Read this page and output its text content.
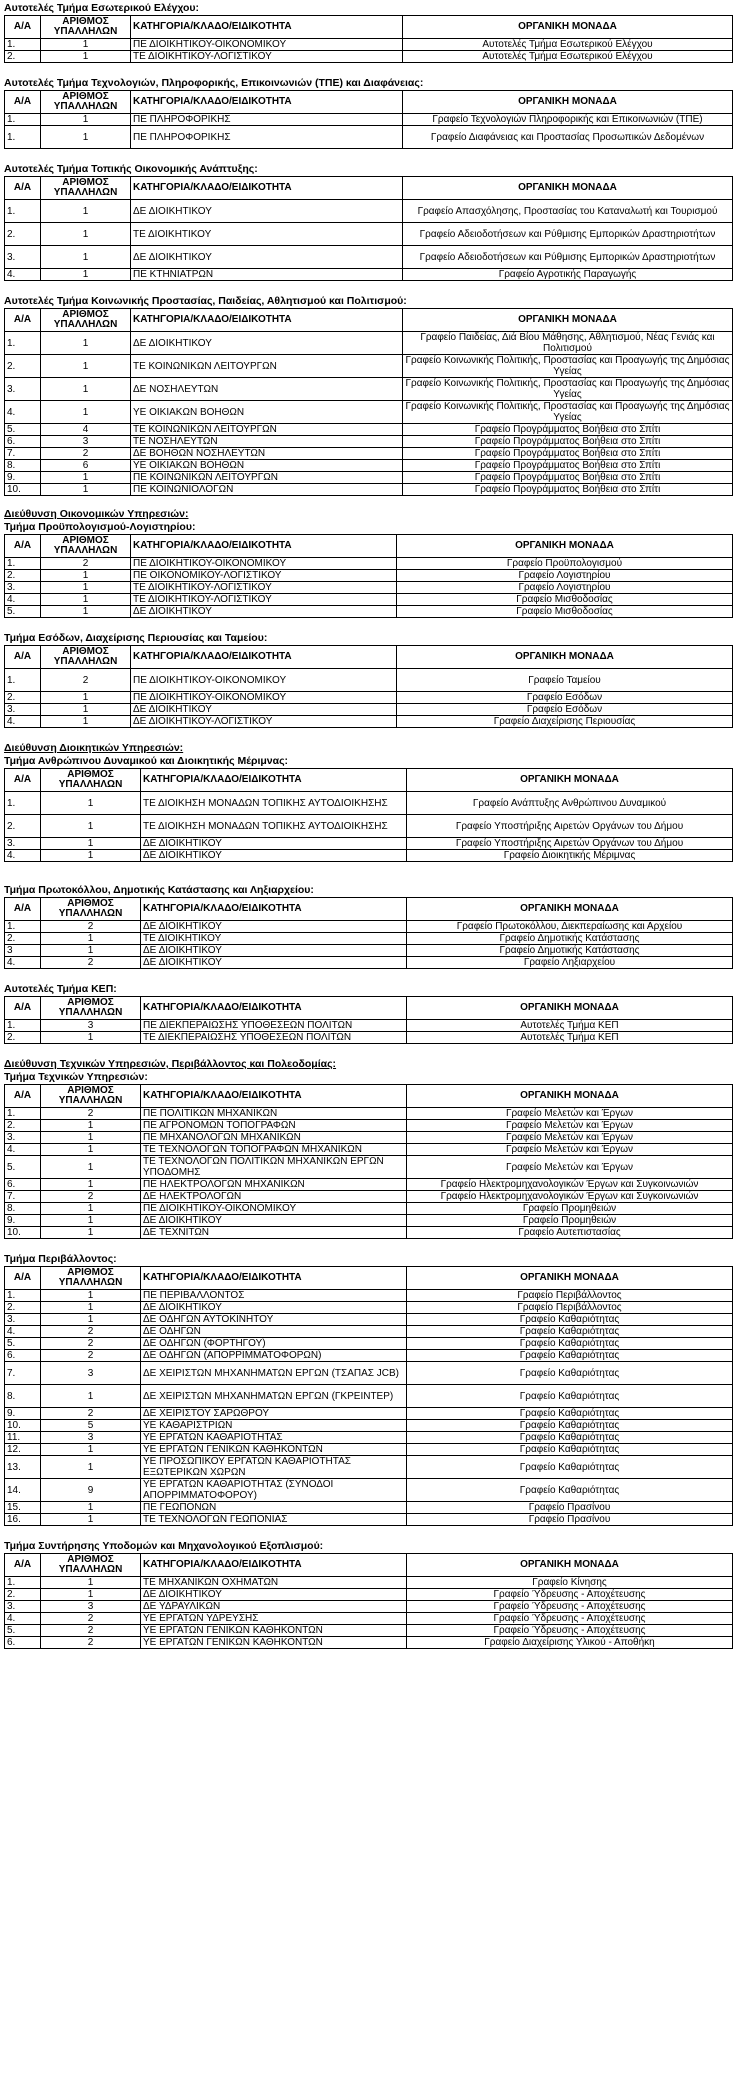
Αυτοτελές Τμήμα Εσωτερικού Ελέγχου:
Α/Α	ΑΡΙΘΜΟΣ ΥΠΑΛΛΗΛΩΝ	ΚΑΤΗΓΟΡΙΑ/ΚΛΑΔΟ/ΕΙΔΙΚΟΤΗΤΑ	ΟΡΓΑΝΙΚΗ ΜΟΝΑΔΑ
1.	1	ΠΕ ΔΙΟΙΚΗΤΙΚΟΥ-ΟΙΚΟΝΟΜΙΚΟΥ	Αυτοτελές Τμήμα Εσωτερικού Ελέγχου
2.	1	ΤΕ ΔΙΟΙΚΗΤΙΚΟΥ-ΛΟΓΙΣΤΙΚΟΥ	Αυτοτελές Τμήμα Εσωτερικού Ελέγχου
Αυτοτελές Τμήμα Τεχνολογιών, Πληροφορικής, Επικοινωνιών (ΤΠΕ) και Διαφάνειας:
Α/Α	ΑΡΙΘΜΟΣ ΥΠΑΛΛΗΛΩΝ	ΚΑΤΗΓΟΡΙΑ/ΚΛΑΔΟ/ΕΙΔΙΚΟΤΗΤΑ	ΟΡΓΑΝΙΚΗ ΜΟΝΑΔΑ
1.	1	ΠΕ ΠΛΗΡΟΦΟΡΙΚΗΣ	Γραφείο Τεχνολογιών Πληροφορικής και Επικοινωνιών (ΤΠΕ)
1.	1	ΠΕ ΠΛΗΡΟΦΟΡΙΚΗΣ	Γραφείο Διαφάνειας και Προστασίας Προσωπικών Δεδομένων
Αυτοτελές Τμήμα Τοπικής Οικονομικής Ανάπτυξης:
Α/Α	ΑΡΙΘΜΟΣ ΥΠΑΛΛΗΛΩΝ	ΚΑΤΗΓΟΡΙΑ/ΚΛΑΔΟ/ΕΙΔΙΚΟΤΗΤΑ	ΟΡΓΑΝΙΚΗ ΜΟΝΑΔΑ
1.	1	ΔΕ ΔΙΟΙΚΗΤΙΚΟΥ	Γραφείο Απασχόλησης, Προστασίας του Καταναλωτή και Τουρισμού
2.	1	ΤΕ ΔΙΟΙΚΗΤΙΚΟΥ	Γραφείο Αδειοδοτήσεων και Ρύθμισης Εμπορικών Δραστηριοτήτων
3.	1	ΔΕ ΔΙΟΙΚΗΤΙΚΟΥ	Γραφείο Αδειοδοτήσεων και Ρύθμισης Εμπορικών Δραστηριοτήτων
4.	1	ΠΕ ΚΤΗΝΙΑΤΡΩΝ	Γραφείο Αγροτικής Παραγωγής
Αυτοτελές Τμήμα Κοινωνικής Προστασίας, Παιδείας, Αθλητισμού και Πολιτισμού:
Α/Α	ΑΡΙΘΜΟΣ ΥΠΑΛΛΗΛΩΝ	ΚΑΤΗΓΟΡΙΑ/ΚΛΑΔΟ/ΕΙΔΙΚΟΤΗΤΑ	ΟΡΓΑΝΙΚΗ ΜΟΝΑΔΑ
1.	1	ΔΕ ΔΙΟΙΚΗΤΙΚΟΥ	Γραφείο Παιδείας, Διά Βίου Μάθησης, Αθλητισμού, Νέας Γενιάς και Πολιτισμού
2.	1	ΤΕ ΚΟΙΝΩΝΙΚΩΝ ΛΕΙΤΟΥΡΓΩΝ	Γραφείο Κοινωνικής Πολιτικής, Προστασίας και Προαγωγής της Δημόσιας Υγείας
3.	1	ΔΕ ΝΟΣΗΛΕΥΤΩΝ	Γραφείο Κοινωνικής Πολιτικής, Προστασίας και Προαγωγής της Δημόσιας Υγείας
4.	1	ΥΕ ΟΙΚΙΑΚΩΝ ΒΟΗΘΩΝ	Γραφείο Κοινωνικής Πολιτικής, Προστασίας και Προαγωγής της Δημόσιας Υγείας
5.	4	ΤΕ ΚΟΙΝΩΝΙΚΩΝ ΛΕΙΤΟΥΡΓΩΝ	Γραφείο Προγράμματος Βοήθεια στο Σπίτι
6.	3	ΤΕ ΝΟΣΗΛΕΥΤΩΝ	Γραφείο Προγράμματος Βοήθεια στο Σπίτι
7.	2	ΔΕ ΒΟΗΘΩΝ ΝΟΣΗΛΕΥΤΩΝ	Γραφείο Προγράμματος Βοήθεια στο Σπίτι
8.	6	ΥΕ ΟΙΚΙΑΚΩΝ ΒΟΗΘΩΝ	Γραφείο Προγράμματος Βοήθεια στο Σπίτι
9.	1	ΠΕ ΚΟΙΝΩΝΙΚΩΝ ΛΕΙΤΟΥΡΓΩΝ	Γραφείο Προγράμματος Βοήθεια στο Σπίτι
10.	1	ΠΕ ΚΟΙΝΩΝΙΟΛΟΓΩΝ	Γραφείο Προγράμματος Βοήθεια στο Σπίτι
Διεύθυνση Οικονομικών Υπηρεσιών:
Τμήμα Προϋπολογισμού-Λογιστηρίου:
Α/Α	ΑΡΙΘΜΟΣ ΥΠΑΛΛΗΛΩΝ	ΚΑΤΗΓΟΡΙΑ/ΚΛΑΔΟ/ΕΙΔΙΚΟΤΗΤΑ	ΟΡΓΑΝΙΚΗ ΜΟΝΑΔΑ
1.	2	ΠΕ ΔΙΟΙΚΗΤΙΚΟΥ-ΟΙΚΟΝΟΜΙΚΟΥ	Γραφείο Προϋπολογισμού
2.	1	ΠΕ ΟΙΚΟΝΟΜΙΚΟΥ-ΛΟΓΙΣΤΙΚΟΥ	Γραφείο Λογιστηρίου
3.	1	ΤΕ ΔΙΟΙΚΗΤΙΚΟΥ-ΛΟΓΙΣΤΙΚΟΥ	Γραφείο Λογιστηρίου
4.	1	ΤΕ ΔΙΟΙΚΗΤΙΚΟΥ-ΛΟΓΙΣΤΙΚΟΥ	Γραφείο Μισθοδοσίας
5.	1	ΔΕ ΔΙΟΙΚΗΤΙΚΟΥ	Γραφείο Μισθοδοσίας
Τμήμα Εσόδων, Διαχείρισης Περιουσίας και Ταμείου:
Α/Α	ΑΡΙΘΜΟΣ ΥΠΑΛΛΗΛΩΝ	ΚΑΤΗΓΟΡΙΑ/ΚΛΑΔΟ/ΕΙΔΙΚΟΤΗΤΑ	ΟΡΓΑΝΙΚΗ ΜΟΝΑΔΑ
1.	2	ΠΕ ΔΙΟΙΚΗΤΙΚΟΥ-ΟΙΚΟΝΟΜΙΚΟΥ	Γραφείο Ταμείου
2.	1	ΠΕ ΔΙΟΙΚΗΤΙΚΟΥ-ΟΙΚΟΝΟΜΙΚΟΥ	Γραφείο Εσόδων
3.	1	ΔΕ ΔΙΟΙΚΗΤΙΚΟΥ	Γραφείο Εσόδων
4.	1	ΔΕ ΔΙΟΙΚΗΤΙΚΟΥ-ΛΟΓΙΣΤΙΚΟΥ	Γραφείο Διαχείρισης Περιουσίας
Διεύθυνση Διοικητικών Υπηρεσιών:
Τμήμα Ανθρώπινου Δυναμικού και Διοικητικής Μέριμνας:
Α/Α	ΑΡΙΘΜΟΣ ΥΠΑΛΛΗΛΩΝ	ΚΑΤΗΓΟΡΙΑ/ΚΛΑΔΟ/ΕΙΔΙΚΟΤΗΤΑ	ΟΡΓΑΝΙΚΗ ΜΟΝΑΔΑ
1.	1	ΤΕ ΔΙΟΙΚΗΣΗ ΜΟΝΑΔΩΝ ΤΟΠΙΚΗΣ ΑΥΤΟΔΙΟΙΚΗΣΗΣ	Γραφείο Ανάπτυξης Ανθρώπινου Δυναμικού
2.	1	ΤΕ ΔΙΟΙΚΗΣΗ ΜΟΝΑΔΩΝ ΤΟΠΙΚΗΣ ΑΥΤΟΔΙΟΙΚΗΣΗΣ	Γραφείο Υποστήριξης Αιρετών Οργάνων του Δήμου
3.	1	ΔΕ ΔΙΟΙΚΗΤΙΚΟΥ	Γραφείο Υποστήριξης Αιρετών Οργάνων του Δήμου
4.	1	ΔΕ ΔΙΟΙΚΗΤΙΚΟΥ	Γραφείο Διοικητικής Μέριμνας
Τμήμα Πρωτοκόλλου, Δημοτικής Κατάστασης και Ληξιαρχείου:
Α/Α	ΑΡΙΘΜΟΣ ΥΠΑΛΛΗΛΩΝ	ΚΑΤΗΓΟΡΙΑ/ΚΛΑΔΟ/ΕΙΔΙΚΟΤΗΤΑ	ΟΡΓΑΝΙΚΗ ΜΟΝΑΔΑ
1.	2	ΔΕ ΔΙΟΙΚΗΤΙΚΟΥ	Γραφείο Πρωτοκόλλου, Διεκπεραίωσης και Αρχείου
2.	1	ΤΕ ΔΙΟΙΚΗΤΙΚΟΥ	Γραφείο Δημοτικής Κατάστασης
3	1	ΔΕ ΔΙΟΙΚΗΤΙΚΟΥ	Γραφείο Δημοτικής Κατάστασης
4.	2	ΔΕ ΔΙΟΙΚΗΤΙΚΟΥ	Γραφείο Ληξιαρχείου
Αυτοτελές Τμήμα ΚΕΠ:
Α/Α	ΑΡΙΘΜΟΣ ΥΠΑΛΛΗΛΩΝ	ΚΑΤΗΓΟΡΙΑ/ΚΛΑΔΟ/ΕΙΔΙΚΟΤΗΤΑ	ΟΡΓΑΝΙΚΗ ΜΟΝΑΔΑ
1.	3	ΠΕ ΔΙΕΚΠΕΡΑΙΩΣΗΣ ΥΠΟΘΕΣΕΩΝ ΠΟΛΙΤΩΝ	Αυτοτελές Τμήμα ΚΕΠ
2.	1	ΤΕ ΔΙΕΚΠΕΡΑΙΩΣΗΣ ΥΠΟΘΕΣΕΩΝ ΠΟΛΙΤΩΝ	Αυτοτελές Τμήμα ΚΕΠ
Διεύθυνση Τεχνικών Υπηρεσιών, Περιβάλλοντος και Πολεοδομίας:
Τμήμα Τεχνικών Υπηρεσιών:
Α/Α	ΑΡΙΘΜΟΣ ΥΠΑΛΛΗΛΩΝ	ΚΑΤΗΓΟΡΙΑ/ΚΛΑΔΟ/ΕΙΔΙΚΟΤΗΤΑ	ΟΡΓΑΝΙΚΗ ΜΟΝΑΔΑ
1.	2	ΠΕ ΠΟΛΙΤΙΚΩΝ ΜΗΧΑΝΙΚΩΝ	Γραφείο Μελετών και Έργων
2.	1	ΠΕ ΑΓΡΟΝΟΜΩΝ ΤΟΠΟΓΡΑΦΩΝ	Γραφείο Μελετών και Έργων
3.	1	ΠΕ ΜΗΧΑΝΟΛΟΓΩΝ ΜΗΧΑΝΙΚΩΝ	Γραφείο Μελετών και Έργων
4.	1	ΤΕ ΤΕΧΝΟΛΟΓΩΝ ΤΟΠΟΓΡΑΦΩΝ ΜΗΧΑΝΙΚΩΝ	Γραφείο Μελετών και Έργων
5.	1	ΤΕ ΤΕΧΝΟΛΟΓΩΝ ΠΟΛΙΤΙΚΩΝ ΜΗΧΑΝΙΚΩΝ ΕΡΓΩΝ ΥΠΟΔΟΜΗΣ	Γραφείο Μελετών και Έργων
6.	1	ΠΕ ΗΛΕΚΤΡΟΛΟΓΩΝ ΜΗΧΑΝΙΚΩΝ	Γραφείο Ηλεκτρομηχανολογικών Έργων και Συγκοινωνιών
7.	2	ΔΕ ΗΛΕΚΤΡΟΛΟΓΩΝ	Γραφείο Ηλεκτρομηχανολογικών Έργων και Συγκοινωνιών
8.	1	ΠΕ ΔΙΟΙΚΗΤΙΚΟΥ-ΟΙΚΟΝΟΜΙΚΟΥ	Γραφείο Προμηθειών
9.	1	ΔΕ ΔΙΟΙΚΗΤΙΚΟΥ	Γραφείο Προμηθειών
10.	1	ΔΕ ΤΕΧΝΙΤΩΝ	Γραφείο Αυτεπιστασίας
Τμήμα Περιβάλλοντος:
Α/Α	ΑΡΙΘΜΟΣ ΥΠΑΛΛΗΛΩΝ	ΚΑΤΗΓΟΡΙΑ/ΚΛΑΔΟ/ΕΙΔΙΚΟΤΗΤΑ	ΟΡΓΑΝΙΚΗ ΜΟΝΑΔΑ
1.	1	ΠΕ ΠΕΡΙΒΑΛΛΟΝΤΟΣ	Γραφείο Περιβάλλοντος
2.	1	ΔΕ ΔΙΟΙΚΗΤΙΚΟΥ	Γραφείο Περιβάλλοντος
3.	1	ΔΕ ΟΔΗΓΩΝ ΑΥΤΟΚΙΝΗΤΟΥ	Γραφείο Καθαριότητας
4.	2	ΔΕ ΟΔΗΓΩΝ	Γραφείο Καθαριότητας
5.	2	ΔΕ ΟΔΗΓΩΝ (ΦΟΡΤΗΓΟΥ)	Γραφείο Καθαριότητας
6.	2	ΔΕ ΟΔΗΓΩΝ (ΑΠΟΡΡΙΜΜΑΤΟΦΟΡΩΝ)	Γραφείο Καθαριότητας
7.	3	ΔΕ ΧΕΙΡΙΣΤΩΝ ΜΗΧΑΝΗΜΑΤΩΝ ΕΡΓΩΝ (ΤΣΑΠΑΣ JCB)	Γραφείο Καθαριότητας
8.	1	ΔΕ ΧΕΙΡΙΣΤΩΝ ΜΗΧΑΝΗΜΑΤΩΝ ΕΡΓΩΝ (ΓΚΡΕΙΝΤΕΡ)	Γραφείο Καθαριότητας
9.	2	ΔΕ ΧΕΙΡΙΣΤΟΥ ΣΑΡΩΘΡΟΥ	Γραφείο Καθαριότητας
10.	5	ΥΕ ΚΑΘΑΡΙΣΤΡΙΩΝ	Γραφείο Καθαριότητας
11.	3	ΥΕ ΕΡΓΑΤΩΝ ΚΑΘΑΡΙΟΤΗΤΑΣ	Γραφείο Καθαριότητας
12.	1	ΥΕ ΕΡΓΑΤΩΝ ΓΕΝΙΚΩΝ ΚΑΘΗΚΟΝΤΩΝ	Γραφείο Καθαριότητας
13.	1	ΥΕ ΠΡΟΣΩΠΙΚΟΥ ΕΡΓΑΤΩΝ ΚΑΘΑΡΙΟΤΗΤΑΣ ΕΞΩΤΕΡΙΚΩΝ ΧΩΡΩΝ	Γραφείο Καθαριότητας
14.	9	ΥΕ ΕΡΓΑΤΩΝ ΚΑΘΑΡΙΟΤΗΤΑΣ (ΣΥΝΟΔΟΙ ΑΠΟΡΡΙΜΜΑΤΟΦΟΡΟΥ)	Γραφείο Καθαριότητας
15.	1	ΠΕ ΓΕΩΠΟΝΩΝ	Γραφείο Πρασίνου
16.	1	ΤΕ ΤΕΧΝΟΛΟΓΩΝ ΓΕΩΠΟΝΙΑΣ	Γραφείο Πρασίνου
Τμήμα Συντήρησης Υποδομών και Μηχανολογικού Εξοπλισμού:
Α/Α	ΑΡΙΘΜΟΣ ΥΠΑΛΛΗΛΩΝ	ΚΑΤΗΓΟΡΙΑ/ΚΛΑΔΟ/ΕΙΔΙΚΟΤΗΤΑ	ΟΡΓΑΝΙΚΗ ΜΟΝΑΔΑ
1.	1	ΤΕ ΜΗΧΑΝΙΚΩΝ ΟΧΗΜΑΤΩΝ	Γραφείο Κίνησης
2.	1	ΔΕ ΔΙΟΙΚΗΤΙΚΟΥ	Γραφείο Ύδρευσης - Αποχέτευσης
3.	3	ΔΕ ΥΔΡΑΥΛΙΚΩΝ	Γραφείο Ύδρευσης - Αποχέτευσης
4.	2	ΥΕ ΕΡΓΑΤΩΝ ΥΔΡΕΥΣΗΣ	Γραφείο Ύδρευσης - Αποχέτευσης
5.	2	ΥΕ ΕΡΓΑΤΩΝ ΓΕΝΙΚΩΝ ΚΑΘΗΚΟΝΤΩΝ	Γραφείο Ύδρευσης - Αποχέτευσης
6.	2	ΥΕ ΕΡΓΑΤΩΝ ΓΕΝΙΚΩΝ ΚΑΘΗΚΟΝΤΩΝ	Γραφείο Διαχείρισης Υλικού - Αποθήκη
